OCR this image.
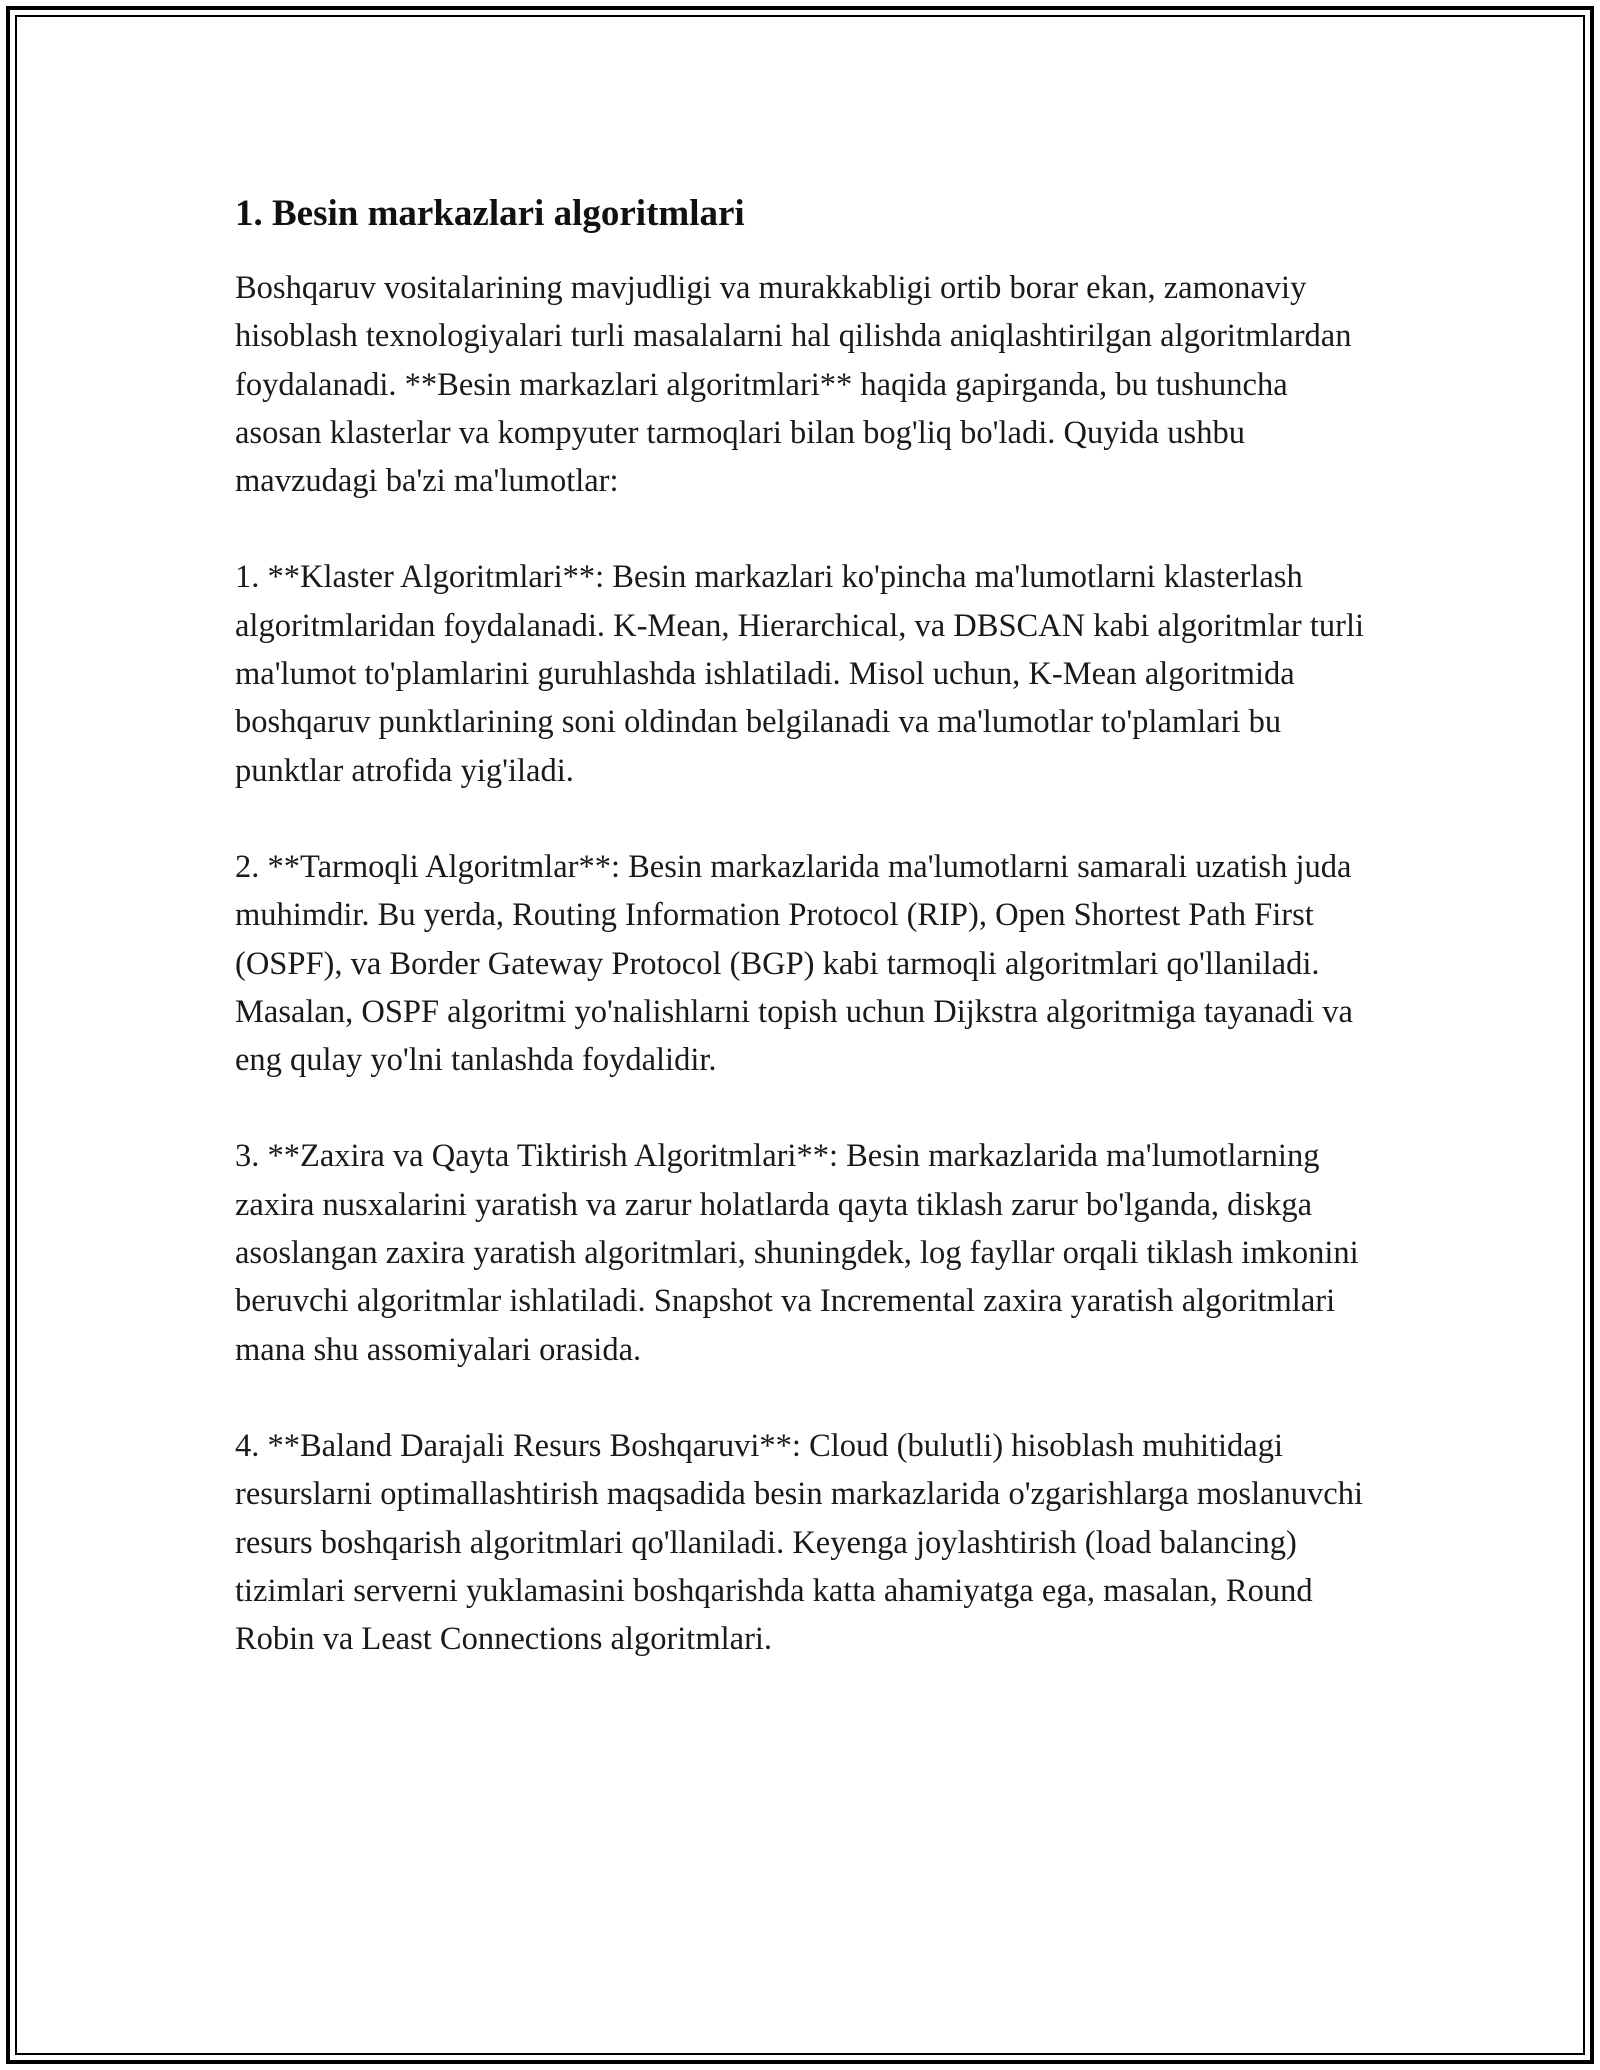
1. Besin markazlari algoritmlari

Boshqaruv vositalarining mavjudligi va murakkabligi ortib borar ekan, zamonaviy hisoblash texnologiyalari turli masalalarni hal qilishda aniqlashtirilgan algoritmlardan foydalanadi. **Besin markazlari algoritmlari** haqida gapirganda, bu tushuncha asosan klasterlar va kompyuter tarmoqlari bilan bog'liq bo'ladi. Quyida ushbu mavzudagi ba'zi ma'lumotlar:

1. **Klaster Algoritmlari**: Besin markazlari ko'pincha ma'lumotlarni klasterlash algoritmlaridan foydalanadi. K-Mean, Hierarchical, va DBSCAN kabi algoritmlar turli ma'lumot to'plamlarini guruhlashda ishlatiladi. Misol uchun, K-Mean algoritmida boshqaruv punktlarining soni oldindan belgilanadi va ma'lumotlar to'plamlari bu punktlar atrofida yig'iladi.

2. **Tarmoqli Algoritmlar**: Besin markazlarida ma'lumotlarni samarali uzatish juda muhimdir. Bu yerda, Routing Information Protocol (RIP), Open Shortest Path First (OSPF), va Border Gateway Protocol (BGP) kabi tarmoqli algoritmlari qo'llaniladi. Masalan, OSPF algoritmi yo'nalishlarni topish uchun Dijkstra algoritmiga tayanadi va eng qulay yo'lni tanlashda foydalidir.

3. **Zaxira va Qayta Tiktirish Algoritmlari**: Besin markazlarida ma'lumotlarning zaxira nusxalarini yaratish va zarur holatlarda qayta tiklash zarur bo'lganda, diskga asoslangan zaxira yaratish algoritmlari, shuningdek, log fayllar orqali tiklash imkonini beruvchi algoritmlar ishlatiladi. Snapshot va Incremental zaxira yaratish algoritmlari mana shu assomiyalari orasida.

4. **Baland Darajali Resurs Boshqaruvi**: Cloud (bulutli) hisoblash muhitidagi resurslarni optimallashtirish maqsadida besin markazlarida o'zgarishlarga moslanuvchi resurs boshqarish algoritmlari qo'llaniladi. Keyenga joylashtirish (load balancing) tizimlari serverni yuklamasini boshqarishda katta ahamiyatga ega, masalan, Round Robin va Least Connections algoritmlari.
